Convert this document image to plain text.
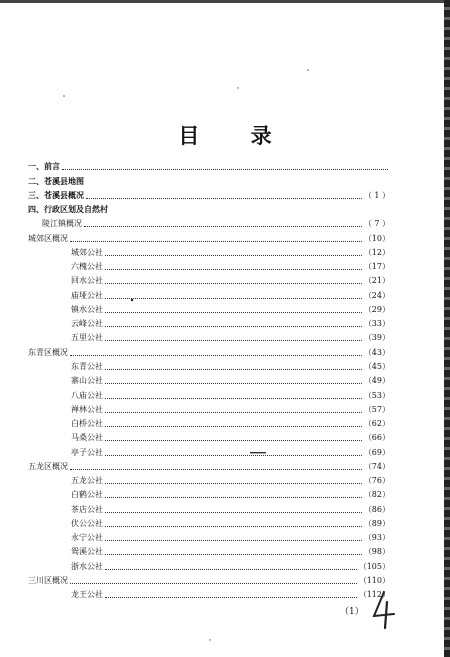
目 录
一、前言
二、苍溪县地图
三、苍溪县概况	（ 1 ）
四、行政区划及自然村
陵江镇概况	（ 7 ）
城郊区概况	（10）
城郊公社	（12）
六槐公社	（17）
回水公社	（21）
庙垭公社	（24）
镇水公社	（29）
云峰公社	（33）
五里公社	（39）
东青区概况	（43）
东青公社	（45）
寨山公社	（49）
八庙公社	（53）
禅林公社	（57）
白桥公社	（62）
马桑公社	（66）
亭子公社	（69）
五龙区概况	（74）
五龙公社	（76）
白鹤公社	（82）
茶店公社	（86）
伏公公社	（89）
永宁公社	（93）
鸳溪公社	（98）
浙水公社	（105）
三川区概况	（110）
龙王公社	（112）
（1）
